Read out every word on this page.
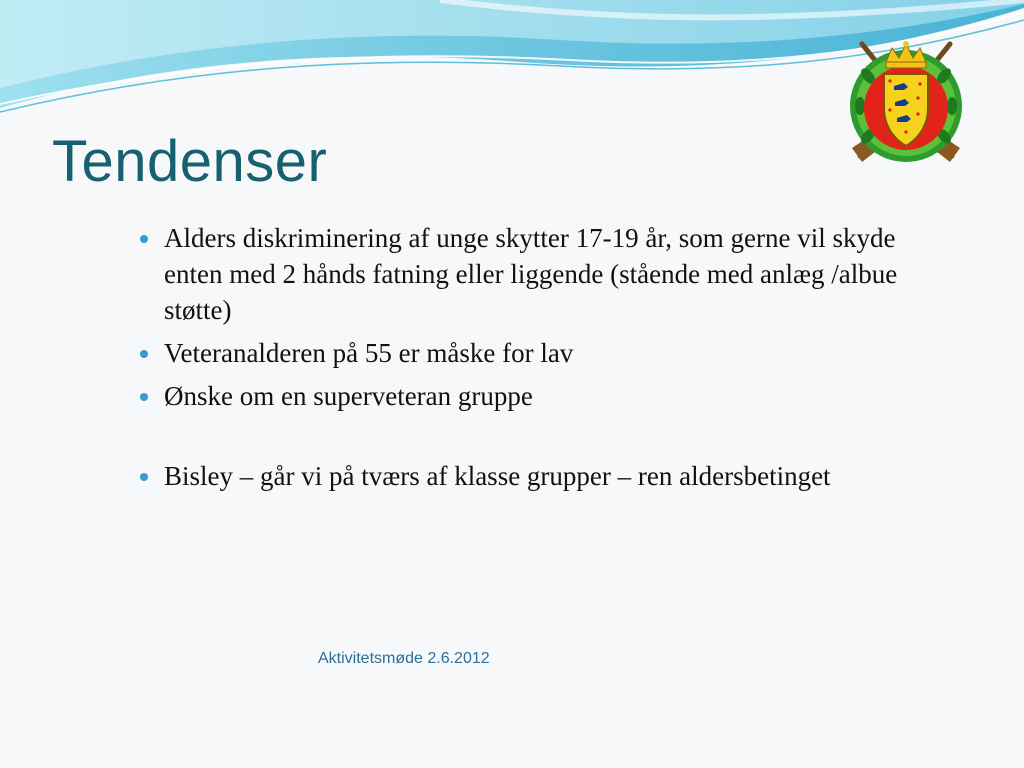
Tendenser
Alders diskriminering af unge skytter 17-19 år, som gerne vil skyde enten med 2 hånds fatning eller liggende (stående med anlæg /albue støtte)
Veteranalderen på 55 er måske for lav
Ønske om en superveteran gruppe
Bisley – går vi på tværs af klasse grupper – ren aldersbetinget
Aktivitetsmøde 2.6.2012
